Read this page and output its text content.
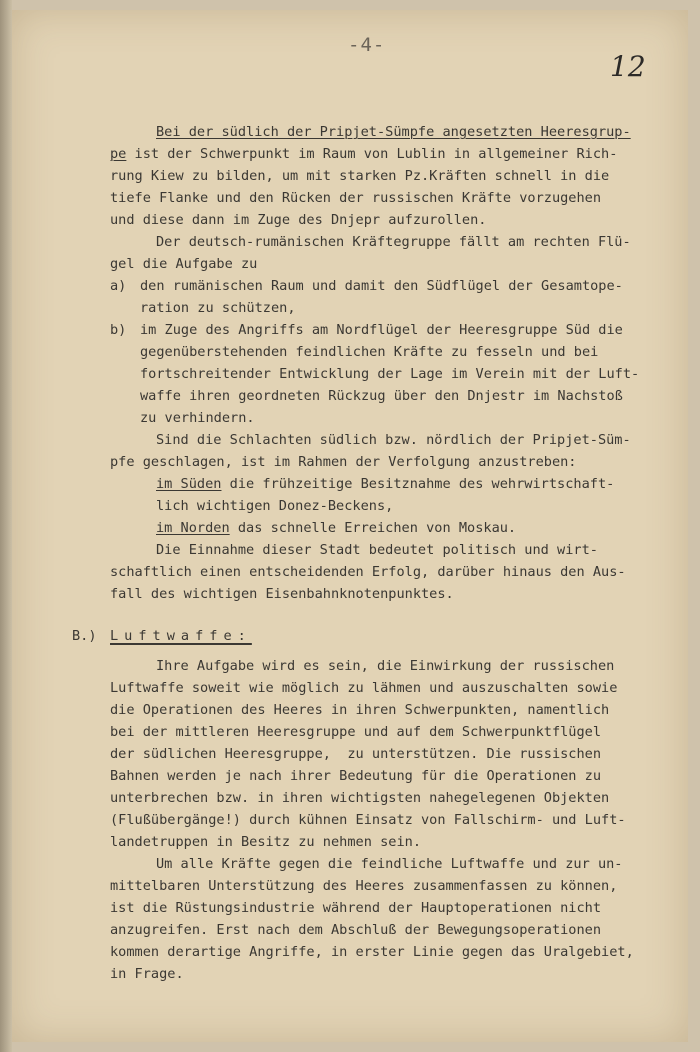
-4-
12

Bei der südlich der Pripjet-Sümpfe angesetzten Heeresgrup-

pe ist der Schwerpunkt im Raum von Lublin in allgemeiner Rich-

rung Kiew zu bilden, um mit starken Pz.Kräften schnell in die

tiefe Flanke und den Rücken der russischen Kräfte vorzugehen

und diese dann im Zuge des Dnjepr aufzurollen.

Der deutsch-rumänischen Kräftegruppe fällt am rechten Flü-

gel die Aufgabe zu

a)

den rumänischen Raum und damit den Südflügel der Gesamtope-

ration zu schützen,

b)

im Zuge des Angriffs am Nordflügel der Heeresgruppe Süd die

gegenüberstehenden feindlichen Kräfte zu fesseln und bei

fortschreitender Entwicklung der Lage im Verein mit der Luft-

waffe ihren geordneten Rückzug über den Dnjestr im Nachstoß

zu verhindern.

Sind die Schlachten südlich bzw. nördlich der Pripjet-Süm-

pfe geschlagen, ist im Rahmen der Verfolgung anzustreben:

im Süden die frühzeitige Besitznahme des wehrwirtschaft-

lich wichtigen Donez-Beckens,

im Norden das schnelle Erreichen von Moskau.

Die Einnahme dieser Stadt bedeutet politisch und wirt-

schaftlich einen entscheidenden Erfolg, darüber hinaus den Aus-

fall des wichtigen Eisenbahnknotenpunktes.

B.)

Luftwaffe:

Ihre Aufgabe wird es sein, die Einwirkung der russischen

Luftwaffe soweit wie möglich zu lähmen und auszuschalten sowie

die Operationen des Heeres in ihren Schwerpunkten, namentlich

bei der mittleren Heeresgruppe und auf dem Schwerpunktflügel

der südlichen Heeresgruppe,  zu unterstützen. Die russischen

Bahnen werden je nach ihrer Bedeutung für die Operationen zu

unterbrechen bzw. in ihren wichtigsten nahegelegenen Objekten

(Flußübergänge!) durch kühnen Einsatz von Fallschirm- und Luft-

landetruppen in Besitz zu nehmen sein.

Um alle Kräfte gegen die feindliche Luftwaffe und zur un-

mittelbaren Unterstützung des Heeres zusammenfassen zu können,

ist die Rüstungsindustrie während der Hauptoperationen nicht

anzugreifen. Erst nach dem Abschluß der Bewegungsoperationen

kommen derartige Angriffe, in erster Linie gegen das Uralgebiet,

in Frage.
